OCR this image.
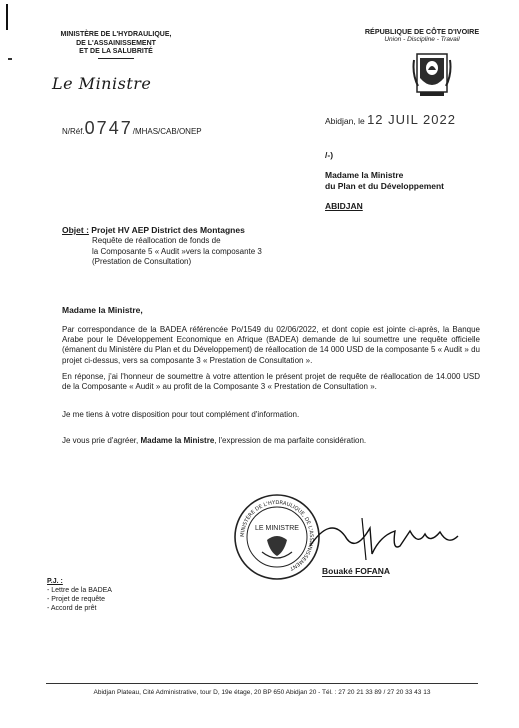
MINISTÈRE DE L'HYDRAULIQUE,
DE L'ASSAINISSEMENT
ET DE LA SALUBRITÉ
RÉPUBLIQUE DE CÔTE D'IVOIRE
Union - Discipline - Travail
Le Ministre
N/Réf.0747/MHAS/CAB/ONEP
Abidjan, le 12 JUIL 2022
/-)
Madame la Ministre
du Plan et du Développement
ABIDJAN
Objet : Projet HV AEP District des Montagnes
Requête de réallocation de fonds de
la Composante 5 « Audit »vers la composante 3
(Prestation de Consultation)
Madame la Ministre,
Par correspondance de la BADEA référencée Po/1549 du 02/06/2022, et dont copie est jointe ci-après, la Banque Arabe pour le Développement Economique en Afrique (BADEA) demande de lui soumettre une requête officielle (émanent du Ministère du Plan et du Développement) de réallocation de 14 000 USD de la composante 5 « Audit » du projet ci-dessus, vers sa composante 3 « Prestation de Consultation ».
En réponse, j'ai l'honneur de soumettre à votre attention le présent projet de requête de réallocation de 14.000 USD de la Composante « Audit » au profit de la Composante 3 « Prestation de Consultation ».
Je me tiens à votre disposition pour tout complément d'information.
Je vous prie d'agréer, Madame la Ministre, l'expression de ma parfaite considération.
MINISTÈRE DE L'HYDRAULIQUE, DE L'ASSAINISSEMENT
LE MINISTRE
Bouaké FOFANA
P.J. :
- Lettre de la BADEA
- Projet de requête
- Accord de prêt
Abidjan Plateau, Cité Administrative, tour D, 19e étage, 20 BP 650 Abidjan 20 - Tél. : 27 20 21 33 89 / 27 20 33 43 13
